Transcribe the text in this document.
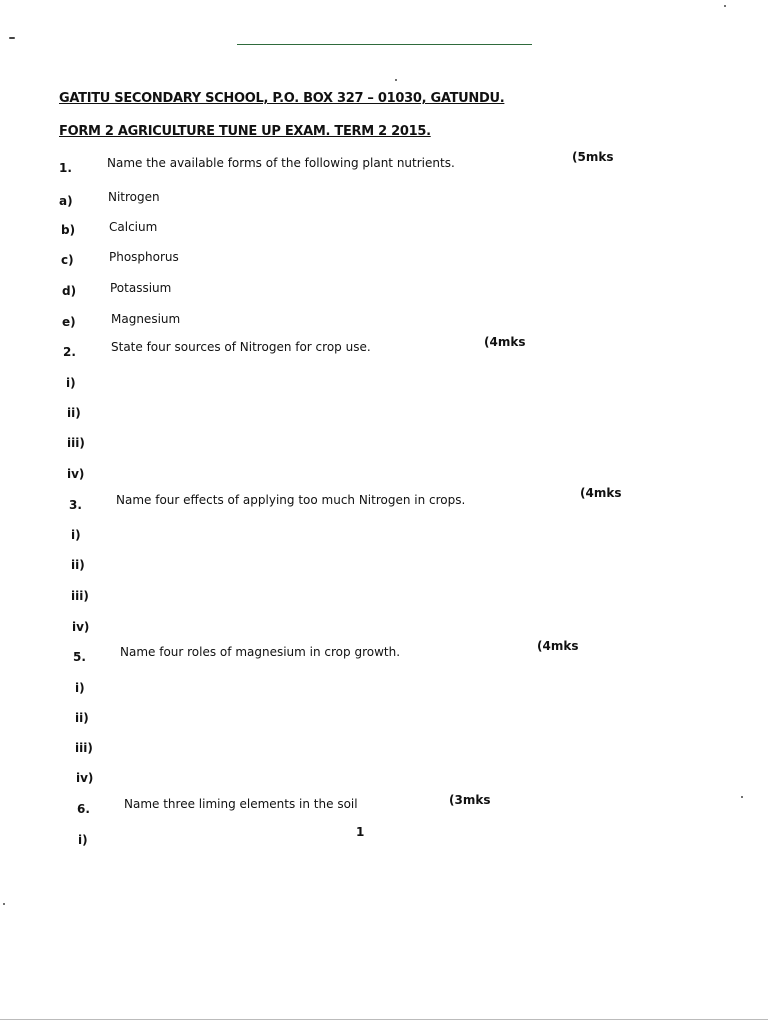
GATITU SECONDARY SCHOOL, P.O. BOX 327 – 01030, GATUNDU.
FORM 2 AGRICULTURE TUNE UP EXAM. TERM 2 2015.
1.	Name the available forms of the following plant nutrients.	(5mks
a)	Nitrogen
b)	Calcium
c)	Phosphorus
d)	Potassium
e)	Magnesium
2.	State four sources of Nitrogen for crop use.	(4mks
i)
ii)
iii)
iv)
3.	Name four effects of applying too much Nitrogen in crops.	(4mks
i)
ii)
iii)
iv)
5.	Name four roles of magnesium in crop growth.	(4mks
i)
ii)
iii)
iv)
6.	Name three liming elements in the soil	(3mks
i)
1
